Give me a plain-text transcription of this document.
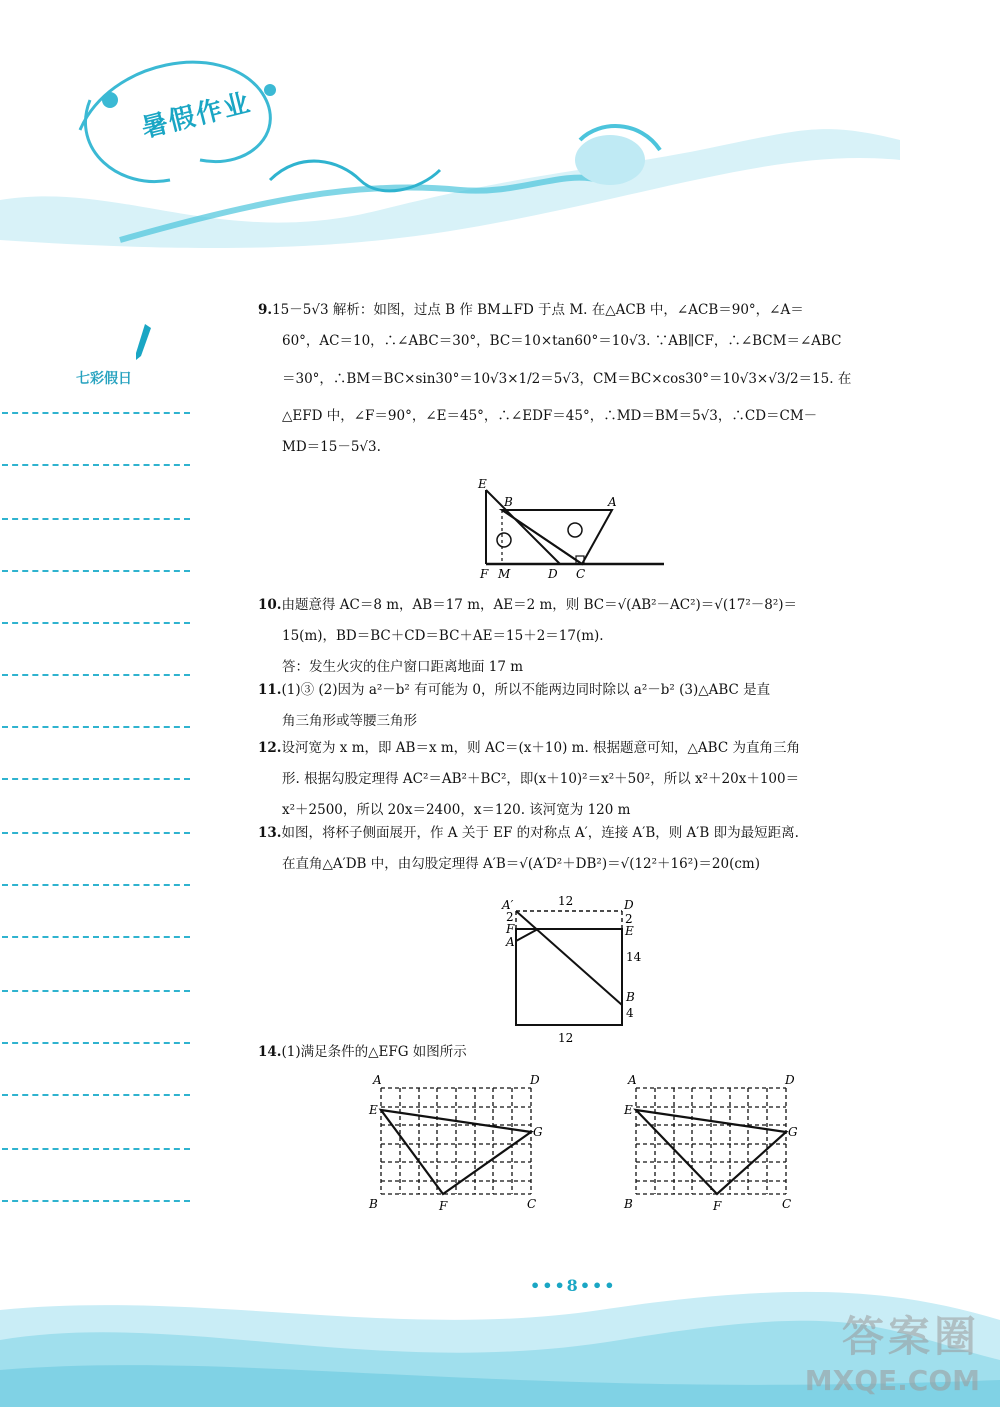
暑假作业
七彩假日
9.15－5√3 解析：如图，过点 B 作 BM⊥FD 于点 M. 在△ACB 中，∠ACB＝90°，∠A＝
60°，AC＝10，∴∠ABC＝30°，BC＝10×tan60°＝10√3. ∵AB∥CF，∴∠BCM＝∠ABC
＝30°，∴BM＝BC×sin30°＝10√3×1/2＝5√3，CM＝BC×cos30°＝10√3×√3/2＝15. 在
△EFD 中，∠F＝90°，∠E＝45°，∴∠EDF＝45°，∴MD＝BM＝5√3，∴CD＝CM－
MD＝15－5√3.
E
B	A
F M	D C
10.由题意得 AC＝8 m，AB＝17 m，AE＝2 m，则 BC＝√(AB²－AC²)＝√(17²－8²)＝
15(m)，BD＝BC＋CD＝BC＋AE＝15＋2＝17(m).
答：发生火灾的住户窗口距离地面 17 m
11.(1)③ (2)因为 a²－b² 有可能为 0，所以不能两边同时除以 a²－b² (3)△ABC 是直
角三角形或等腰三角形
12.设河宽为 x m，即 AB＝x m，则 AC＝(x＋10) m. 根据题意可知，△ABC 为直角三角
形. 根据勾股定理得 AC²＝AB²＋BC²，即(x＋10)²＝x²＋50²，所以 x²＋20x＋100＝
x²＋2500，所以 20x＝2400，x＝120. 该河宽为 120 m
13.如图，将杯子侧面展开，作 A 关于 EF 的对称点 A′，连接 A′B，则 A′B 即为最短距离.
在直角△A′DB 中，由勾股定理得 A′B＝√(A′D²＋DB²)＝√(12²＋16²)＝20(cm)
A′	D
2	2
F	E
A
12
14
B
4
12
14.(1)满足条件的△EFG 如图所示
A	D
E
G
B	F	C
A	D
E
G
B	F	C
•••8•••
答案圈
MXQE.COM
